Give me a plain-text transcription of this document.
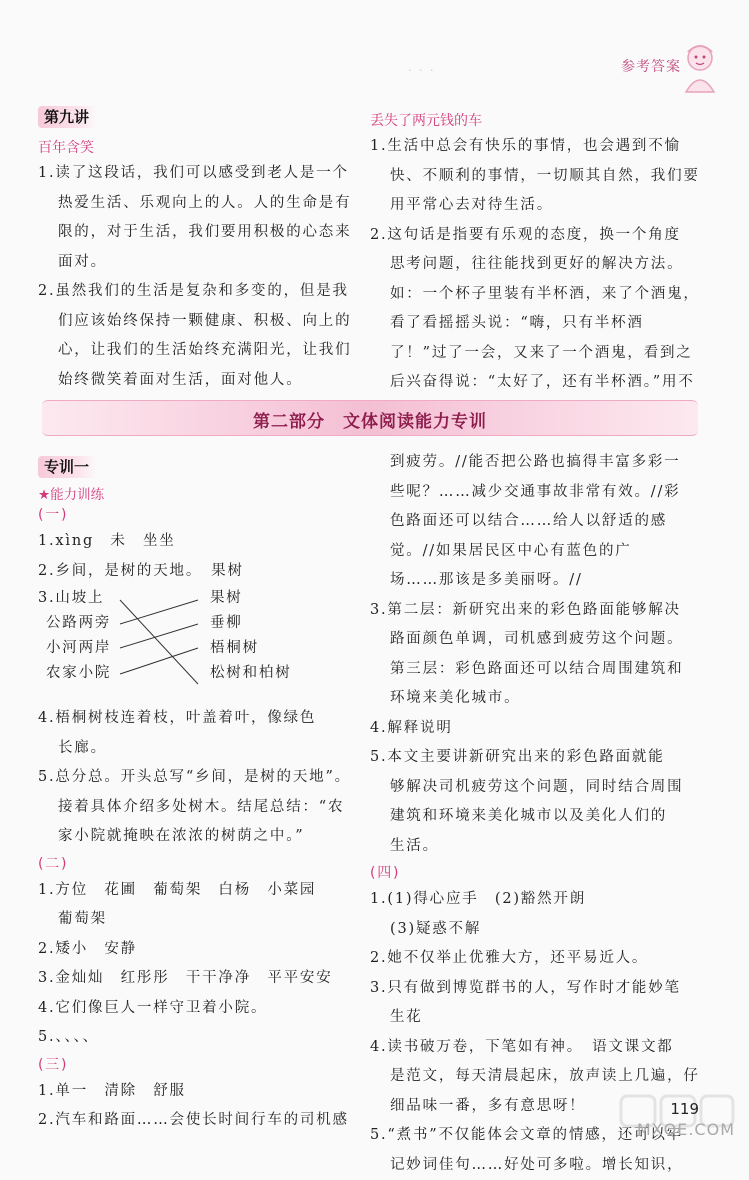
· · ·	参考答案
第九讲
百年含笑

1.读了这段话，我们可以感受到老人是一个

热爱生活、乐观向上的人。人的生命是有

限的，对于生活，我们要用积极的心态来

面对。

2.虽然我们的生活是复杂和多变的，但是我

们应该始终保持一颗健康、积极、向上的

心，让我们的生活始终充满阳光，让我们

始终微笑着面对生活，面对他人。

丢失了两元钱的车

1.生活中总会有快乐的事情，也会遇到不愉

快、不顺利的事情，一切顺其自然，我们要

用平常心去对待生活。

2.这句话是指要有乐观的态度，换一个角度

思考问题，往往能找到更好的解决方法。

如：一个杯子里装有半杯酒，来了个酒鬼，

看了看摇摇头说：“嗨，只有半杯酒

了！”过了一会，又来了一个酒鬼，看到之

后兴奋得说：“太好了，还有半杯酒。”用不

第二部分　文体阅读能力专训
专训一
★能力训练

(一)

1.xìng　未　坐坐

2.乡间，是树的天地。　果树

3.山坡上
公路两旁
小河两岸
农家小院
果树
垂柳
梧桐树
松树和柏树

4.梧桐树枝连着枝，叶盖着叶，像绿色

长廊。

5.总分总。开头总写“乡间，是树的天地”。

接着具体介绍多处树木。结尾总结：“农

家小院就掩映在浓浓的树荫之中。”

(二)

1.方位　花圃　葡萄架　白杨　小菜园

葡萄架

2.矮小　安静

3.金灿灿　红彤彤　干干净净　平平安安

4.它们像巨人一样守卫着小院。

5.、、、、

(三)

1.单一　清除　舒服

2.汽车和路面……会使长时间行车的司机感

到疲劳。//能否把公路也搞得丰富多彩一

些呢？……减少交通事故非常有效。//彩

色路面还可以结合……给人以舒适的感

觉。//如果居民区中心有蓝色的广

场……那该是多美丽呀。//

3.第二层：新研究出来的彩色路面能够解决

路面颜色单调，司机感到疲劳这个问题。

第三层：彩色路面还可以结合周围建筑和

环境来美化城市。

4.解释说明

5.本文主要讲新研究出来的彩色路面就能

够解决司机疲劳这个问题，同时结合周围

建筑和环境来美化城市以及美化人们的

生活。

(四)

1.(1)得心应手　(2)豁然开朗

(3)疑惑不解

2.她不仅举止优雅大方，还平易近人。

3.只有做到博览群书的人，写作时才能妙笔

生花

4.读书破万卷，下笔如有神。　语文课文都

是范文，每天清晨起床，放声读上几遍，仔

细品味一番，多有意思呀！

5.“煮书”不仅能体会文章的情感，还可以牢

记妙词佳句……好处可多啦。增长知识，

119
MXQE.COM
